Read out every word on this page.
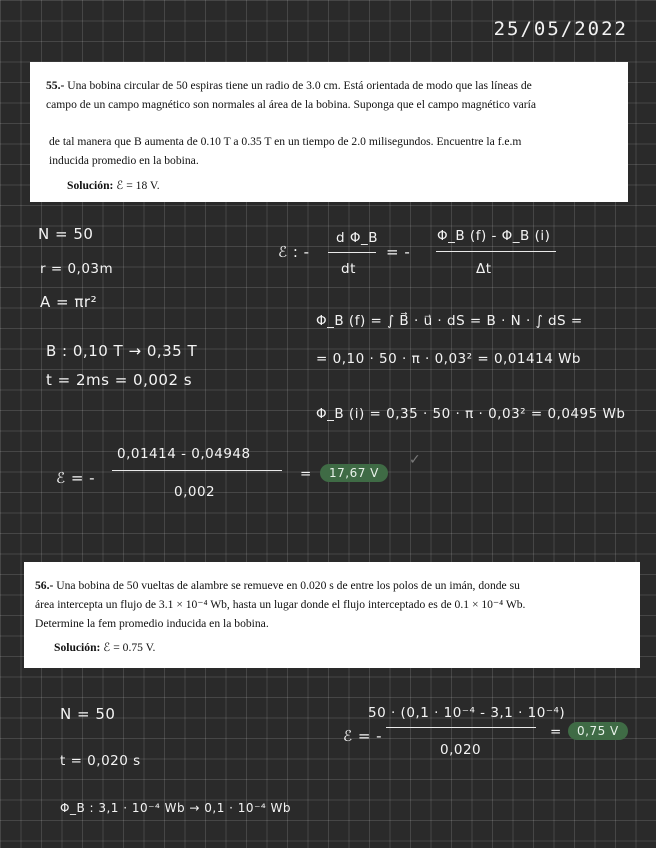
25/05/2022
55.- Una bobina circular de 50 espiras tiene un radio de 3.0 cm. Está orientada de modo que las líneas de
campo de un campo magnético son normales al área de la bobina. Suponga que el campo magnético varía
de tal manera que B aumenta de 0.10 T a 0.35 T en un tiempo de 2.0 milisegundos. Encuentre la f.e.m
inducida promedio en la bobina.
Solución: ℰ = 18 V.
N = 50
r = 0,03m
A = πr²
B : 0,10 T → 0,35 T
t = 2ms = 0,002 s
ℰ : -
d Φ_B
dt
= -
Φ_B (f) - Φ_B (i)
Δt
Φ_B (f) = ∫ B⃗ · u⃗ · dS = B · N · ∫ dS =
= 0,10 · 50 · π · 0,03² = 0,01414 Wb
Φ_B (i) = 0,35 · 50 · π · 0,03² = 0,0495 Wb
ℰ = -
0,01414 - 0,04948
0,002
=	17,67 V
✓
56.- Una bobina de 50 vueltas de alambre se remueve en 0.020 s de entre los polos de un imán, donde su
área intercepta un flujo de 3.1 × 10⁻⁴ Wb, hasta un lugar donde el flujo interceptado es de 0.1 × 10⁻⁴ Wb.
Determine la fem promedio inducida en la bobina.
Solución: ℰ = 0.75 V.
N = 50
t = 0,020 s
Φ_B : 3,1 · 10⁻⁴ Wb → 0,1 · 10⁻⁴ Wb
ℰ = -
50 · (0,1 · 10⁻⁴ - 3,1 · 10⁻⁴)
0,020
=	0,75 V
